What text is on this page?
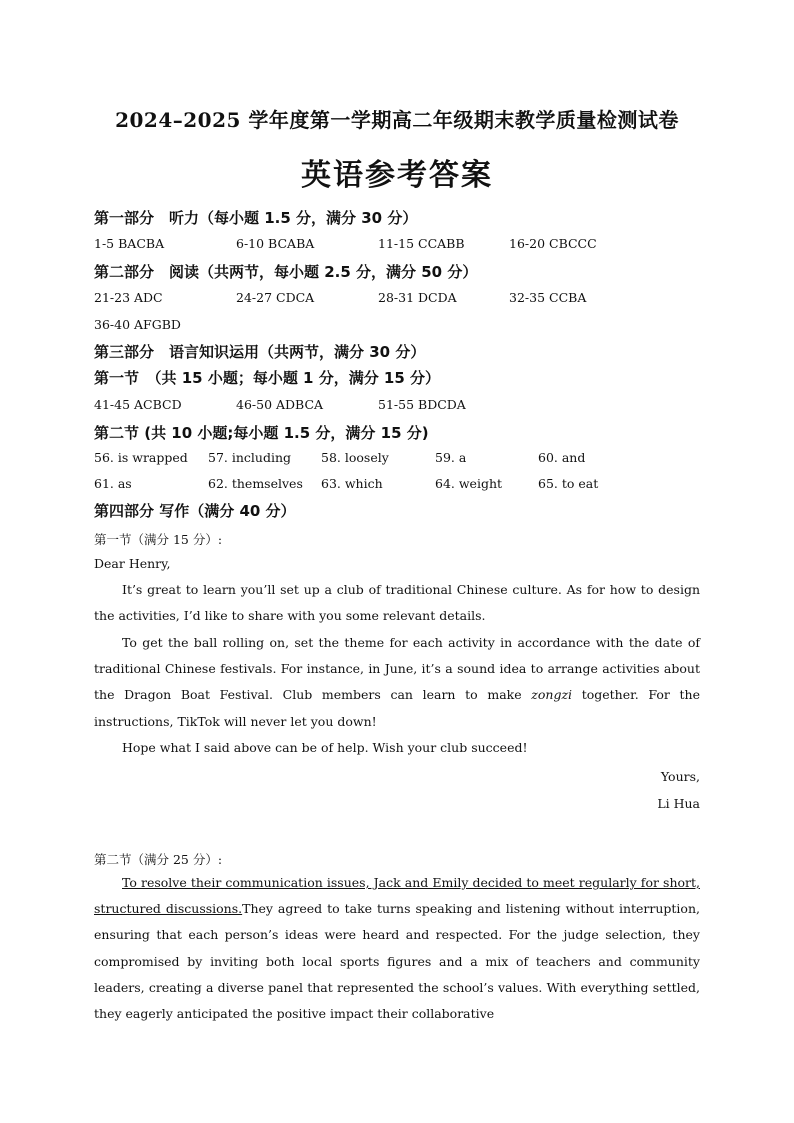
2024–2025 学年度第一学期高二年级期末教学质量检测试卷
英语参考答案
第一部分　听力（每小题 1.5 分，满分 30 分）
1-5 BACBA	6-10 BCABA	11-15 CCABB	16-20 CBCCC
第二部分　阅读（共两节，每小题 2.5 分，满分 50 分）
21-23 ADC	24-27 CDCA	28-31 DCDA	32-35 CCBA
36-40 AFGBD
第三部分　语言知识运用（共两节，满分 30 分）
第一节　（共 15 小题；每小题 1 分，满分 15 分）
41-45 ACBCD	46-50 ADBCA	51-55 BDCDA
第二节 (共 10 小题;每小题 1.5 分，满分 15 分)
56. is wrapped 57. including 58. loosely	59. a	60. and
61. as	62. themselves 63. which	64. weight	65. to eat
第四部分 写作（满分 40 分）
第一节（满分 15 分）:
Dear Henry,

It’s great to learn you’ll set up a club of traditional Chinese culture. As for how to design the activities, I’d like to share with you some relevant details.

To get the ball rolling on, set the theme for each activity in accordance with the date of traditional Chinese festivals. For instance, in June, it’s a sound idea to arrange activities about the Dragon Boat Festival. Club members can learn to make zongzi together. For the instructions, TikTok will never let you down!

Hope what I said above can be of help. Wish your club succeed!

Yours,
Li Hua
第二节（满分 25 分）:

To resolve their communication issues, Jack and Emily decided to meet regularly for short, structured discussions.They agreed to take turns speaking and listening without interruption, ensuring that each person’s ideas were heard and respected. For the judge selection, they compromised by inviting both local sports figures and a mix of teachers and community leaders, creating a diverse panel that represented the school’s values. With everything settled, they eagerly anticipated the positive impact their collaborative
